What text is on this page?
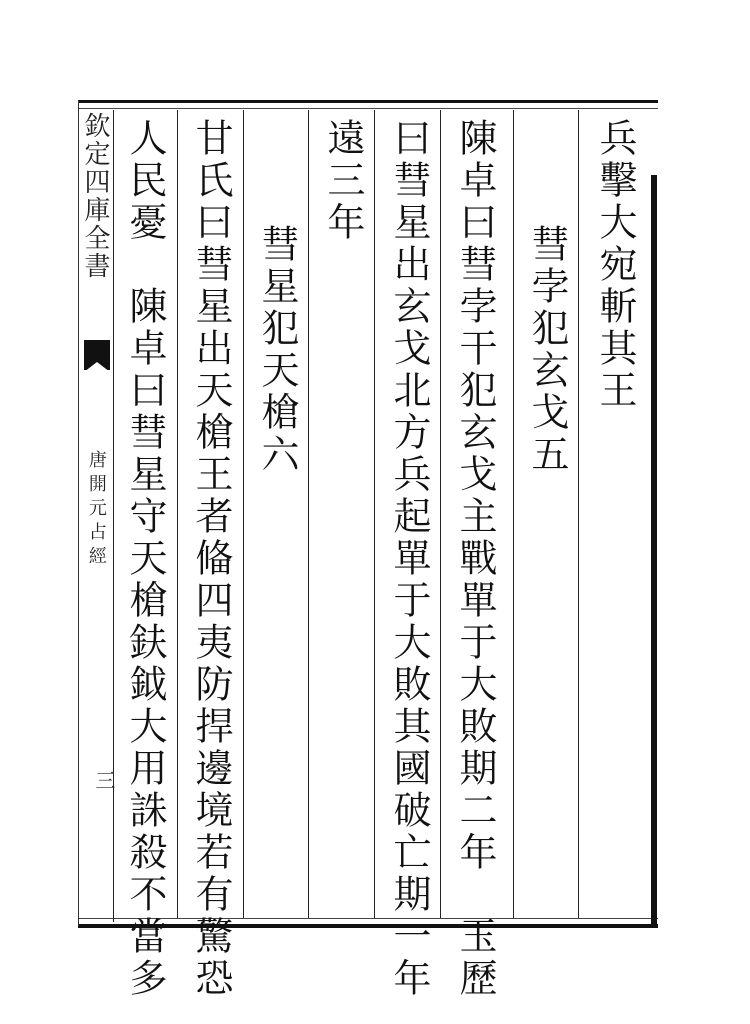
欽定四庫全書
唐開元占經
三
兵擊大宛斬其王
彗孛犯玄戈五
陳卓曰彗孛干犯玄戈主戰單于大敗期二年　玉歷
曰彗星出玄戈北方兵起單于大敗其國破亡期一年
遠三年
彗星犯天槍六
甘氏曰彗星出天槍王者偹四夷防捍邊境若有驚恐
人民憂　陳卓曰彗星守天槍鈇鉞大用誅殺不當多
